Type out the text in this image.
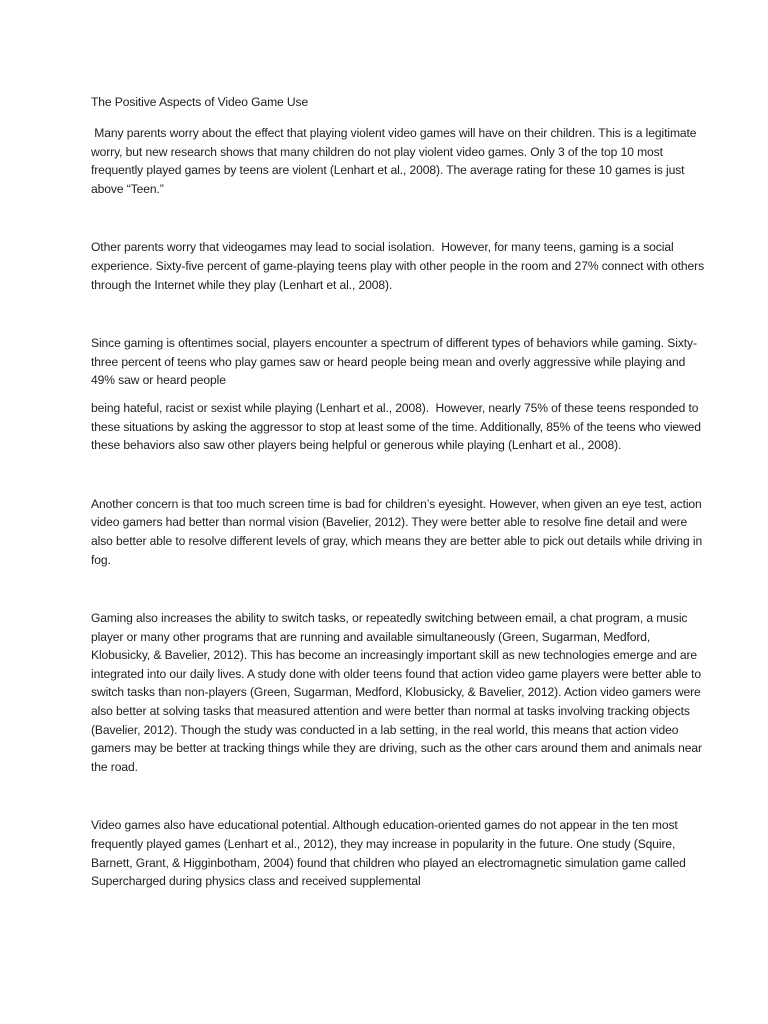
The Positive Aspects of Video Game Use

Many parents worry about the effect that playing violent video games will have on their children. This is a legitimate worry, but new research shows that many children do not play violent video games. Only 3 of the top 10 most frequently played games by teens are violent (Lenhart et al., 2008). The average rating for these 10 games is just above “Teen.”

Other parents worry that videogames may lead to social isolation.  However, for many teens, gaming is a social experience. Sixty-five percent of game-playing teens play with other people in the room and 27% connect with others through the Internet while they play (Lenhart et al., 2008).

Since gaming is oftentimes social, players encounter a spectrum of different types of behaviors while gaming. Sixty-three percent of teens who play games saw or heard people being mean and overly aggressive while playing and 49% saw or heard people

being hateful, racist or sexist while playing (Lenhart et al., 2008).  However, nearly 75% of these teens responded to these situations by asking the aggressor to stop at least some of the time. Additionally, 85% of the teens who viewed these behaviors also saw other players being helpful or generous while playing (Lenhart et al., 2008).

Another concern is that too much screen time is bad for children’s eyesight. However, when given an eye test, action video gamers had better than normal vision (Bavelier, 2012). They were better able to resolve fine detail and were also better able to resolve different levels of gray, which means they are better able to pick out details while driving in fog.

Gaming also increases the ability to switch tasks, or repeatedly switching between email, a chat program, a music player or many other programs that are running and available simultaneously (Green, Sugarman, Medford, Klobusicky, & Bavelier, 2012). This has become an increasingly important skill as new technologies emerge and are integrated into our daily lives. A study done with older teens found that action video game players were better able to switch tasks than non-players (Green, Sugarman, Medford, Klobusicky, & Bavelier, 2012). Action video gamers were also better at solving tasks that measured attention and were better than normal at tasks involving tracking objects (Bavelier, 2012). Though the study was conducted in a lab setting, in the real world, this means that action video gamers may be better at tracking things while they are driving, such as the other cars around them and animals near the road.

Video games also have educational potential. Although education-oriented games do not appear in the ten most frequently played games (Lenhart et al., 2012), they may increase in popularity in the future. One study (Squire, Barnett, Grant, & Higginbotham, 2004) found that children who played an electromagnetic simulation game called Supercharged during physics class and received supplemental
